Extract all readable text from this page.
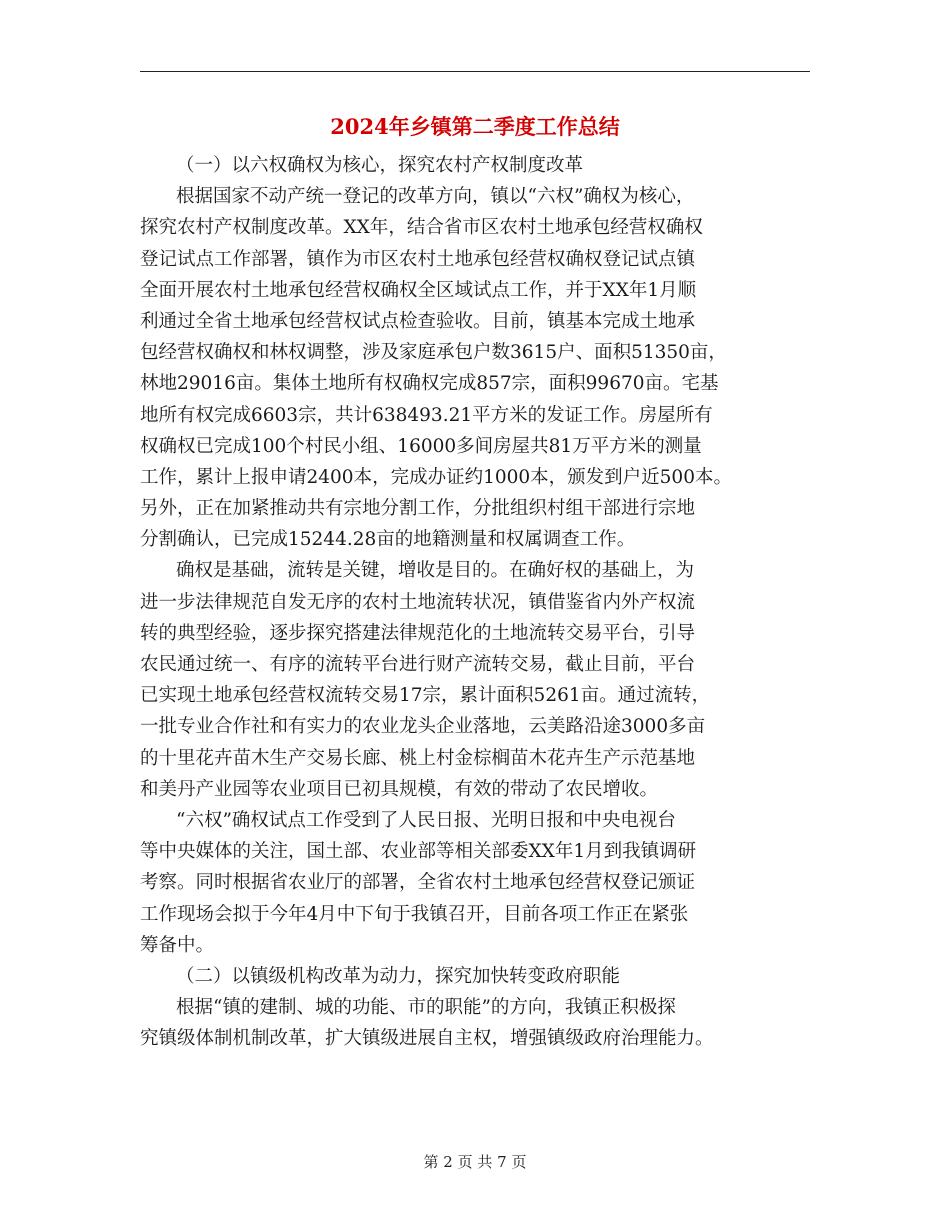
2024年乡镇第二季度工作总结
（一）以六权确权为核心，探究农村产权制度改革
根据国家不动产统一登记的改革方向，镇以“六权”确权为核心，
探究农村产权制度改革。XX年，结合省市区农村土地承包经营权确权
登记试点工作部署，镇作为市区农村土地承包经营权确权登记试点镇
全面开展农村土地承包经营权确权全区域试点工作，并于XX年1月顺
利通过全省土地承包经营权试点检查验收。目前，镇基本完成土地承
包经营权确权和林权调整，涉及家庭承包户数3615户、面积51350亩，
林地29016亩。集体土地所有权确权完成857宗，面积99670亩。宅基
地所有权完成6603宗，共计638493.21平方米的发证工作。房屋所有
权确权已完成100个村民小组、16000多间房屋共81万平方米的测量
工作，累计上报申请2400本，完成办证约1000本，颁发到户近500本。
另外，正在加紧推动共有宗地分割工作，分批组织村组干部进行宗地
分割确认，已完成15244.28亩的地籍测量和权属调查工作。
确权是基础，流转是关键，增收是目的。在确好权的基础上，为
进一步法律规范自发无序的农村土地流转状况，镇借鉴省内外产权流
转的典型经验，逐步探究搭建法律规范化的土地流转交易平台，引导
农民通过统一、有序的流转平台进行财产流转交易，截止目前，平台
已实现土地承包经营权流转交易17宗，累计面积5261亩。通过流转，
一批专业合作社和有实力的农业龙头企业落地，云美路沿途3000多亩
的十里花卉苗木生产交易长廊、桃上村金棕榈苗木花卉生产示范基地
和美丹产业园等农业项目已初具规模，有效的带动了农民增收。
“六权”确权试点工作受到了人民日报、光明日报和中央电视台
等中央媒体的关注，国土部、农业部等相关部委XX年1月到我镇调研
考察。同时根据省农业厅的部署，全省农村土地承包经营权登记颁证
工作现场会拟于今年4月中下旬于我镇召开，目前各项工作正在紧张
筹备中。
（二）以镇级机构改革为动力，探究加快转变政府职能
根据“镇的建制、城的功能、市的职能”的方向，我镇正积极探
究镇级体制机制改革，扩大镇级进展自主权，增强镇级政府治理能力。
第 2 页 共 7 页
